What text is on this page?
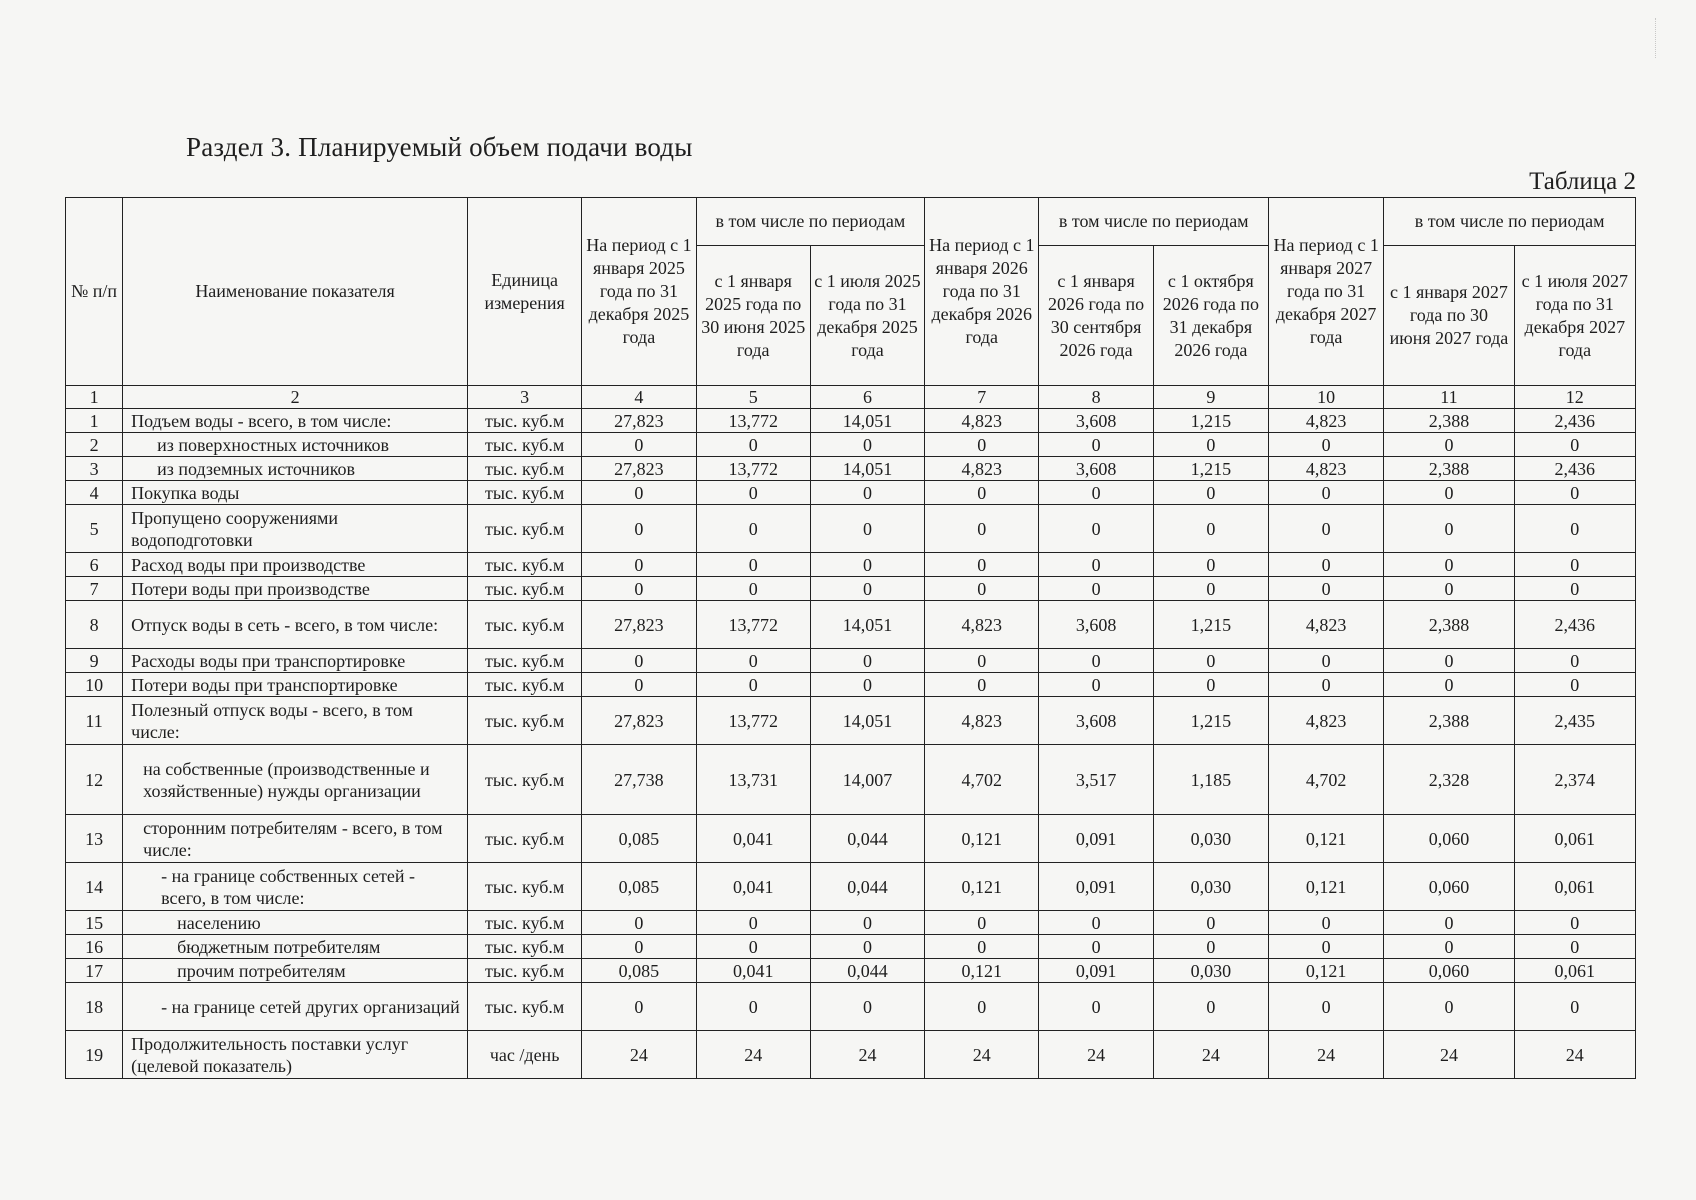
Раздел 3. Планируемый объем подачи воды
Таблица 2
№ п/п	Наименование показателя	Единица измерения	На период с 1 января 2025 года по 31 декабря 2025 года	в том числе по периодам		На период с 1 января 2026 года по 31 декабря 2026 года	в том числе по периодам		На период с 1 января 2027 года по 31 декабря 2027 года	в том числе по периодам	
				с 1 января 2025 года по 30 июня 2025 года	с 1 июля 2025 года по 31 декабря 2025 года		с 1 января 2026 года по 30 сентября 2026 года	с 1 октября 2026 года по 31 декабря 2026 года		с 1 января 2027 года по 30 июня 2027 года	с 1 июля 2027 года по 31 декабря 2027 года
1	2	3	4	5	6	7	8	9	10	11	12
1	Подъем воды - всего, в том числе:	тыс. куб.м	27,823	13,772	14,051	4,823	3,608	1,215	4,823	2,388	2,436
2	из поверхностных источников	тыс. куб.м	0	0	0	0	0	0	0	0	0
3	из подземных источников	тыс. куб.м	27,823	13,772	14,051	4,823	3,608	1,215	4,823	2,388	2,436
4	Покупка воды	тыс. куб.м	0	0	0	0	0	0	0	0	0
5	Пропущено сооружениями водоподготовки	тыс. куб.м	0	0	0	0	0	0	0	0	0
6	Расход воды при производстве	тыс. куб.м	0	0	0	0	0	0	0	0	0
7	Потери воды при производстве	тыс. куб.м	0	0	0	0	0	0	0	0	0
8	Отпуск воды в сеть - всего, в том числе:	тыс. куб.м	27,823	13,772	14,051	4,823	3,608	1,215	4,823	2,388	2,436
9	Расходы воды при транспортировке	тыс. куб.м	0	0	0	0	0	0	0	0	0
10	Потери воды при транспортировке	тыс. куб.м	0	0	0	0	0	0	0	0	0
11	Полезный отпуск воды - всего, в том числе:	тыс. куб.м	27,823	13,772	14,051	4,823	3,608	1,215	4,823	2,388	2,435
12	на собственные (производственные и хозяйственные) нужды организации	тыс. куб.м	27,738	13,731	14,007	4,702	3,517	1,185	4,702	2,328	2,374
13	сторонним потребителям - всего, в том числе:	тыс. куб.м	0,085	0,041	0,044	0,121	0,091	0,030	0,121	0,060	0,061
14	- на границе собственных сетей - всего, в том числе:	тыс. куб.м	0,085	0,041	0,044	0,121	0,091	0,030	0,121	0,060	0,061
15	населению	тыс. куб.м	0	0	0	0	0	0	0	0	0
16	бюджетным потребителям	тыс. куб.м	0	0	0	0	0	0	0	0	0
17	прочим потребителям	тыс. куб.м	0,085	0,041	0,044	0,121	0,091	0,030	0,121	0,060	0,061
18	- на границе сетей других организаций	тыс. куб.м	0	0	0	0	0	0	0	0	0
19	Продолжительность поставки услуг (целевой показатель)	час /день	24	24	24	24	24	24	24	24	24
